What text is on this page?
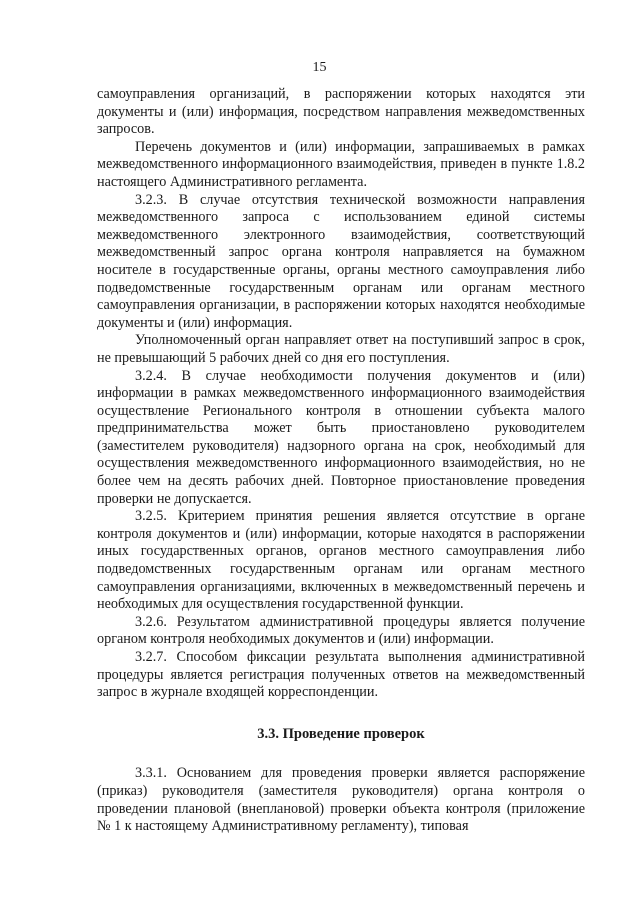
15

самоуправления организаций, в распоряжении которых находятся эти документы и (или) информация, посредством направления межведомственных запросов.

Перечень документов и (или) информации, запрашиваемых в рамках межведомственного информационного взаимодействия, приведен в пункте 1.8.2 настоящего Административного регламента.

3.2.3. В случае отсутствия технической возможности направления межведомственного запроса с использованием единой системы межведомственного электронного взаимодействия, соответствующий межведомственный запрос органа контроля направляется на бумажном носителе в государственные органы, органы местного самоуправления либо подведомственные государственным органам или органам местного самоуправления организации, в распоряжении которых находятся необходимые документы и (или) информация.

Уполномоченный орган направляет ответ на поступивший запрос в срок, не превышающий 5 рабочих дней со дня его поступления.

3.2.4. В случае необходимости получения документов и (или) информации в рамках межведомственного информационного взаимодействия осуществление Регионального контроля в отношении субъекта малого предпринимательства может быть приостановлено руководителем (заместителем руководителя) надзорного органа на срок, необходимый для осуществления межведомственного информационного взаимодействия, но не более чем на десять рабочих дней. Повторное приостановление проведения проверки не допускается.

3.2.5. Критерием принятия решения является отсутствие в органе контроля документов и (или) информации, которые находятся в распоряжении иных государственных органов, органов местного самоуправления либо подведомственных государственным органам или органам местного самоуправления организациями, включенных в межведомственный перечень и необходимых для осуществления государственной функции.

3.2.6. Результатом административной процедуры является получение органом контроля необходимых документов и (или) информации.

3.2.7. Способом фиксации результата выполнения административной процедуры является регистрация полученных ответов на межведомственный запрос в журнале входящей корреспонденции.

3.3. Проведение проверок

3.3.1. Основанием для проведения проверки является распоряжение (приказ) руководителя (заместителя руководителя) органа контроля о проведении плановой (внеплановой) проверки объекта контроля (приложение № 1 к настоящему Административному регламенту), типовая
